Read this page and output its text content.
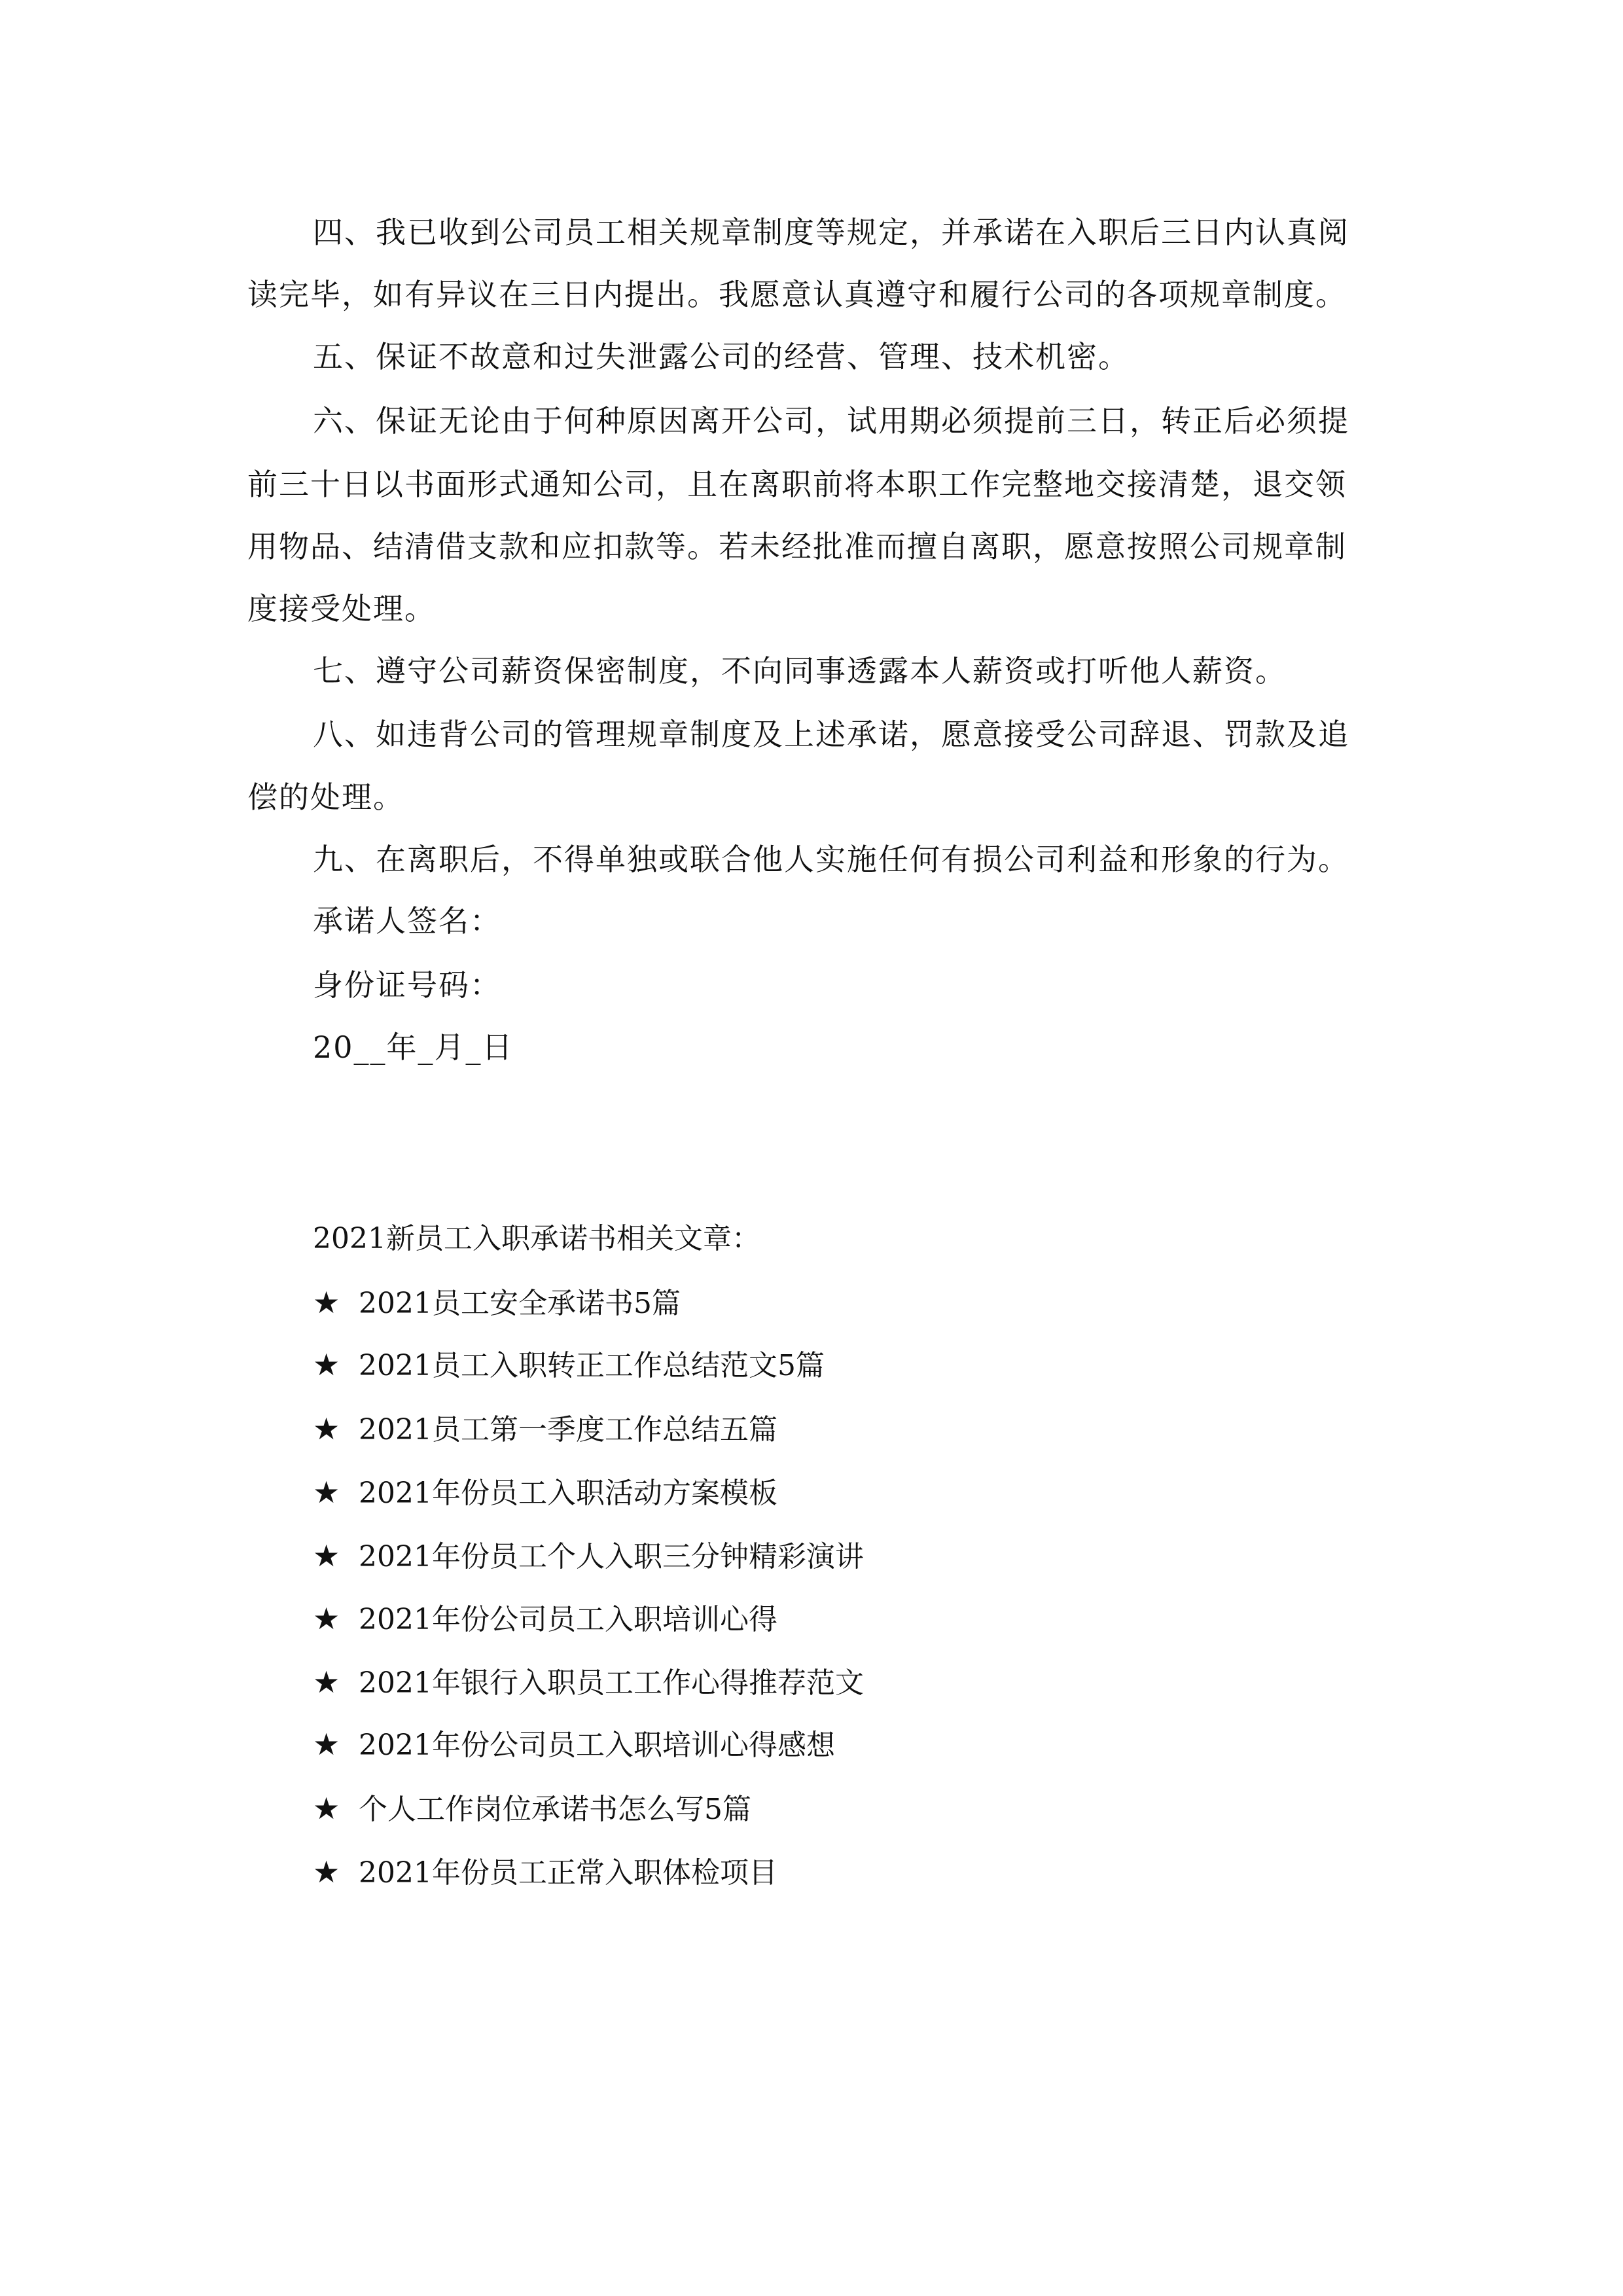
四、我已收到公司员工相关规章制度等规定，并承诺在入职后三日内认真阅
读完毕，如有异议在三日内提出。我愿意认真遵守和履行公司的各项规章制度。
五、保证不故意和过失泄露公司的经营、管理、技术机密。
六、保证无论由于何种原因离开公司，试用期必须提前三日，转正后必须提
前三十日以书面形式通知公司，且在离职前将本职工作完整地交接清楚，退交领
用物品、结清借支款和应扣款等。若未经批准而擅自离职，愿意按照公司规章制
度接受处理。
七、遵守公司薪资保密制度，不向同事透露本人薪资或打听他人薪资。
八、如违背公司的管理规章制度及上述承诺，愿意接受公司辞退、罚款及追
偿的处理。
九、在离职后，不得单独或联合他人实施任何有损公司利益和形象的行为。
承诺人签名：
身份证号码：
20__年_月_日
2021新员工入职承诺书相关文章：
★ 2021员工安全承诺书5篇
★ 2021员工入职转正工作总结范文5篇
★ 2021员工第一季度工作总结五篇
★ 2021年份员工入职活动方案模板
★ 2021年份员工个人入职三分钟精彩演讲
★ 2021年份公司员工入职培训心得
★ 2021年银行入职员工工作心得推荐范文
★ 2021年份公司员工入职培训心得感想
★ 个人工作岗位承诺书怎么写5篇
★ 2021年份员工正常入职体检项目
